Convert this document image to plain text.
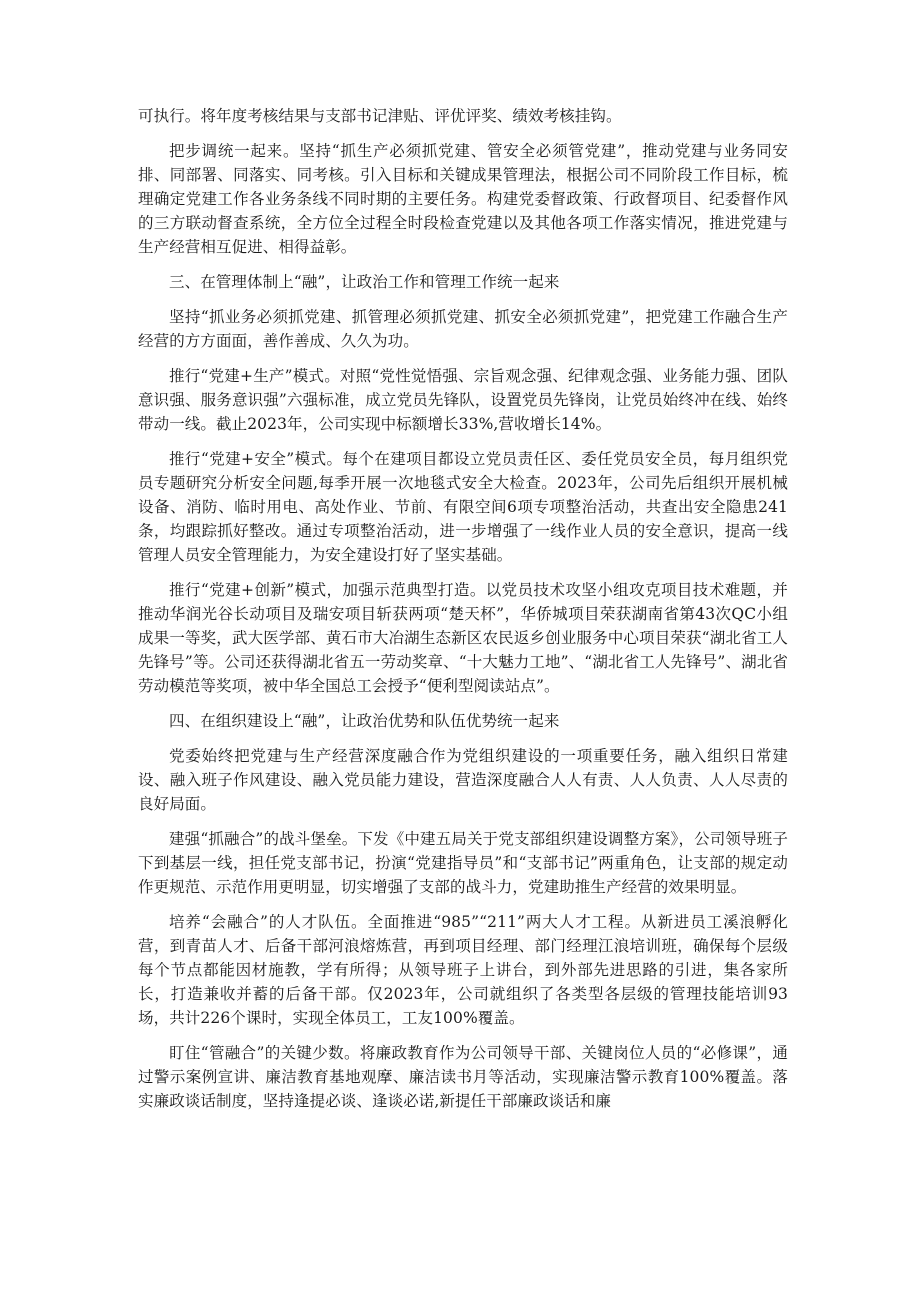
可执行。将年度考核结果与支部书记津贴、评优评奖、绩效考核挂钩。

把步调统一起来。坚持“抓生产必须抓党建、管安全必须管党建”，推动党建与业务同安排、同部署、同落实、同考核。引入目标和关键成果管理法，根据公司不同阶段工作目标，梳理确定党建工作各业务条线不同时期的主要任务。构建党委督政策、行政督项目、纪委督作风的三方联动督查系统，全方位全过程全时段检查党建以及其他各项工作落实情况，推进党建与生产经营相互促进、相得益彰。

三、在管理体制上“融”，让政治工作和管理工作统一起来

坚持“抓业务必须抓党建、抓管理必须抓党建、抓安全必须抓党建”，把党建工作融合生产经营的方方面面，善作善成、久久为功。

推行“党建+生产”模式。对照“党性觉悟强、宗旨观念强、纪律观念强、业务能力强、团队意识强、服务意识强”六强标准，成立党员先锋队，设置党员先锋岗，让党员始终冲在线、始终带动一线。截止2023年，公司实现中标额增长33%,营收增长14%。

推行“党建+安全”模式。每个在建项目都设立党员责任区、委任党员安全员，每月组织党员专题研究分析安全问题,每季开展一次地毯式安全大检查。2023年，公司先后组织开展机械设备、消防、临时用电、高处作业、节前、有限空间6项专项整治活动，共查出安全隐患241条，均跟踪抓好整改。通过专项整治活动，进一步增强了一线作业人员的安全意识，提高一线管理人员安全管理能力，为安全建设打好了坚实基础。

推行“党建+创新”模式，加强示范典型打造。以党员技术攻坚小组攻克项目技术难题，并推动华润光谷长动项目及瑞安项目斩获两项“楚天杯”，华侨城项目荣获湖南省第43次QC小组成果一等奖，武大医学部、黄石市大冶湖生态新区农民返乡创业服务中心项目荣获“湖北省工人先锋号”等。公司还获得湖北省五一劳动奖章、“十大魅力工地”、“湖北省工人先锋号”、湖北省劳动模范等奖项，被中华全国总工会授予“便利型阅读站点”。

四、在组织建设上“融”，让政治优势和队伍优势统一起来

党委始终把党建与生产经营深度融合作为党组织建设的一项重要任务，融入组织日常建设、融入班子作风建设、融入党员能力建设，营造深度融合人人有责、人人负责、人人尽责的良好局面。

建强“抓融合”的战斗堡垒。下发《中建五局关于党支部组织建设调整方案》，公司领导班子下到基层一线，担任党支部书记，扮演“党建指导员”和“支部书记”两重角色，让支部的规定动作更规范、示范作用更明显，切实增强了支部的战斗力，党建助推生产经营的效果明显。

培养“会融合”的人才队伍。全面推进“985”“211”两大人才工程。从新进员工溪浪孵化营，到青苗人才、后备干部河浪熔炼营，再到项目经理、部门经理江浪培训班，确保每个层级每个节点都能因材施教，学有所得；从领导班子上讲台，到外部先进思路的引进，集各家所长，打造兼收并蓄的后备干部。仅2023年，公司就组织了各类型各层级的管理技能培训93场，共计226个课时，实现全体员工，工友100%覆盖。

盯住“管融合”的关键少数。将廉政教育作为公司领导干部、关键岗位人员的“必修课”，通过警示案例宣讲、廉洁教育基地观摩、廉洁读书月等活动，实现廉洁警示教育100%覆盖。落实廉政谈话制度，坚持逢提必谈、逢谈必诺,新提任干部廉政谈话和廉
